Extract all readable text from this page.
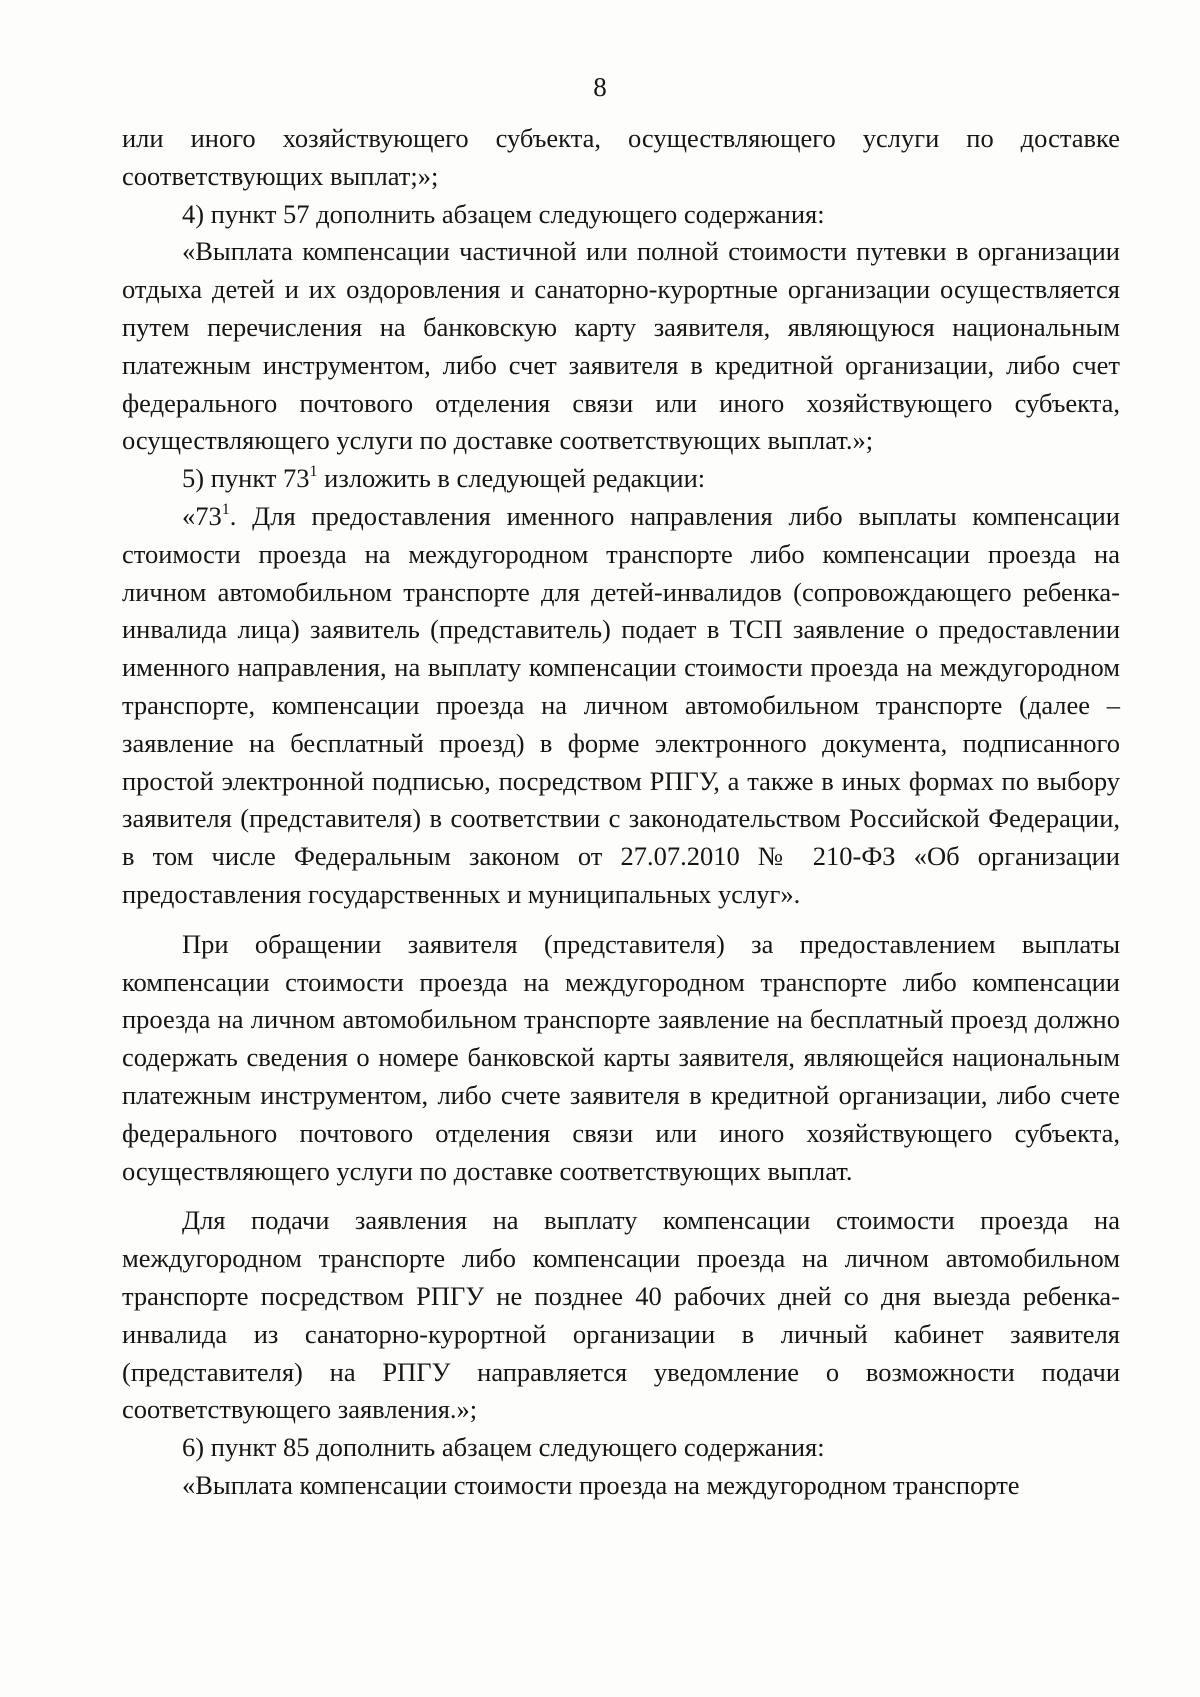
8

или иного хозяйствующего субъекта, осуществляющего услуги по доставке соответствующих выплат;»;

4) пункт 57 дополнить абзацем следующего содержания:

«Выплата компенсации частичной или полной стоимости путевки в организации отдыха детей и их оздоровления и санаторно-курортные организации осуществляется путем перечисления на банковскую карту заявителя, являющуюся национальным платежным инструментом, либо счет заявителя в кредитной организации, либо счет федерального почтового отделения связи или иного хозяйствующего субъекта, осуществляющего услуги по доставке соответствующих выплат.»;

5) пункт $73^1$ изложить в следующей редакции:

«$73^1$. Для предоставления именного направления либо выплаты компенсации стоимости проезда на междугородном транспорте либо компенсации проезда на личном автомобильном транспорте для детей-инвалидов (сопровождающего ребенка-инвалида лица) заявитель (представитель) подает в ТСП заявление о предоставлении именного направления, на выплату компенсации стоимости проезда на междугородном транспорте, компенсации проезда на личном автомобильном транспорте (далее – заявление на бесплатный проезд) в форме электронного документа, подписанного простой электронной подписью, посредством РПГУ, а также в иных формах по выбору заявителя (представителя) в соответствии с законодательством Российской Федерации, в том числе Федеральным законом от 27.07.2010 № 210-ФЗ «Об организации предоставления государственных и муниципальных услуг».

При обращении заявителя (представителя) за предоставлением выплаты компенсации стоимости проезда на междугородном транспорте либо компенсации проезда на личном автомобильном транспорте заявление на бесплатный проезд должно содержать сведения о номере банковской карты заявителя, являющейся национальным платежным инструментом, либо счете заявителя в кредитной организации, либо счете федерального почтового отделения связи или иного хозяйствующего субъекта, осуществляющего услуги по доставке соответствующих выплат.

Для подачи заявления на выплату компенсации стоимости проезда на междугородном транспорте либо компенсации проезда на личном автомобильном транспорте посредством РПГУ не позднее 40 рабочих дней со дня выезда ребенка-инвалида из санаторно-курортной организации в личный кабинет заявителя (представителя) на РПГУ направляется уведомление о возможности подачи соответствующего заявления.»;

6) пункт 85 дополнить абзацем следующего содержания:

«Выплата компенсации стоимости проезда на междугородном транспорте
